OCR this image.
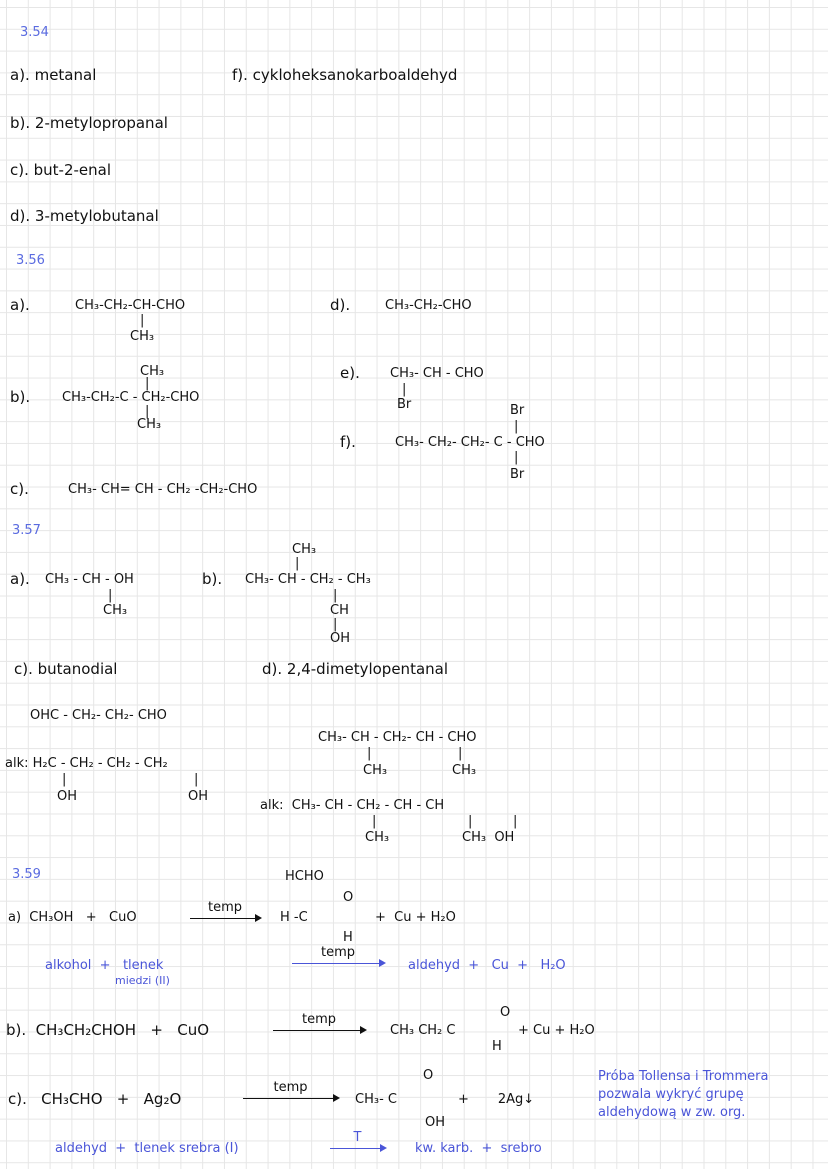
3.54
a). metanal	f). cykloheksanokarboaldehyd
b). 2-metylopropanal
c). but-2-enal
d). 3-metylobutanal
3.56
a).	CH₃-CH₂-CH-CHO
|
CH₃
d).	CH₃-CH₂-CHO
CH₃
|
b). CH₃-CH₂-C - CH₂-CHO
|
CH₃
e). CH₃- CH - CHO
|
Br	Br
|
f).	CH₃- CH₂- CH₂- C - CHO
|
Br
c).	CH₃- CH= CH - CH₂ -CH₂-CHO
3.57
CH₃
|
a). CH₃ - CH - OH
|
CH₃
b). CH₃- CH - CH₂ - CH₃
|
CH
|
OH
c). butanodial	d). 2,4-dimetylopentanal
OHC - CH₂- CH₂- CHO
CH₃- CH - CH₂- CH - CHO
|	|
CH₃	CH₃
alk: H₂C - CH₂ - CH₂ - CH₂
|	|
OH	OH
alk:  CH₃- CH - CH₂ - CH - CH
|	|	|
CH₃	CH₃  OH
3.59	HCHO
a)  CH₃OH   +   CuO
temp
H -C
O
H
+  Cu + H₂O
alkohol  +   tlenek
miedzi (II)
temp
aldehyd  +   Cu  +   H₂O
b).  CH₃CH₂CHOH   +   CuO
temp
CH₃ CH₂ C
O
H
+ Cu + H₂O
c).   CH₃CHO   +   Ag₂O
temp
CH₃- C
O
OH
+       2Ag↓
aldehyd  +  tlenek srebra (I)
T
kw. karb.  +  srebro
Próba Tollensa i Trommera pozwala wykryć grupę aldehydową w zw. org.
